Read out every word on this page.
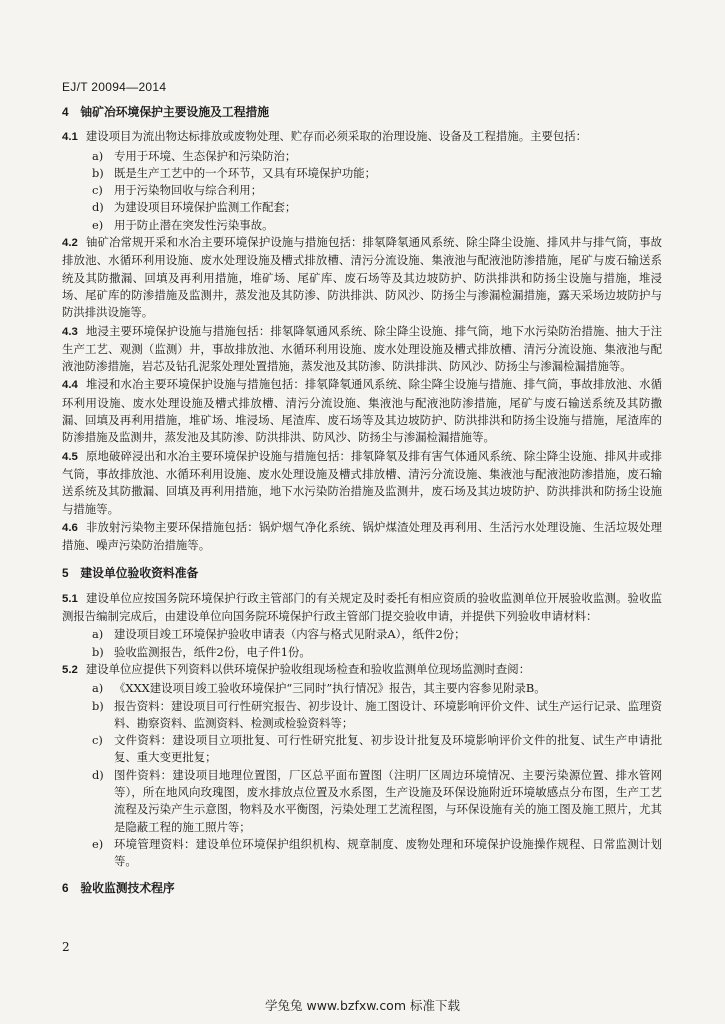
EJ/T 20094—2014
4　铀矿冶环境保护主要设施及工程措施

4.1 建设项目为流出物达标排放或废物处理、贮存而必须采取的治理设施、设备及工程措施。主要包括：

a) 专用于环境、生态保护和污染防治；

b) 既是生产工艺中的一个环节，又具有环境保护功能；

c) 用于污染物回收与综合利用；

d) 为建设项目环境保护监测工作配套；

e) 用于防止潜在突发性污染事故。

4.2 铀矿冶常规开采和水冶主要环境保护设施与措施包括：排氡降氡通风系统、除尘降尘设施、排风井与排气筒，事故排放池、水循环利用设施、废水处理设施及槽式排放槽、清污分流设施、集液池与配液池防渗措施，尾矿与废石输送系统及其防撒漏、回填及再利用措施，堆矿场、尾矿库、废石场等及其边坡防护、防洪排洪和防扬尘设施与措施，堆浸场、尾矿库的防渗措施及监测井，蒸发池及其防渗、防洪排洪、防风沙、防扬尘与渗漏检漏措施，露天采场边坡防护与防洪排洪设施等。

4.3 地浸主要环境保护设施与措施包括：排氡降氡通风系统、除尘降尘设施、排气筒，地下水污染防治措施、抽大于注生产工艺、观测（监测）井，事故排放池、水循环利用设施、废水处理设施及槽式排放槽、清污分流设施、集液池与配液池防渗措施，岩芯及钻孔泥浆处理处置措施，蒸发池及其防渗、防洪排洪、防风沙、防扬尘与渗漏检漏措施等。

4.4 堆浸和水冶主要环境保护设施与措施包括：排氡降氡通风系统、除尘降尘设施与措施、排气筒，事故排放池、水循环利用设施、废水处理设施及槽式排放槽、清污分流设施、集液池与配液池防渗措施，尾矿与废石输送系统及其防撒漏、回填及再利用措施，堆矿场、堆浸场、尾渣库、废石场等及其边坡防护、防洪排洪和防扬尘设施与措施，尾渣库的防渗措施及监测井，蒸发池及其防渗、防洪排洪、防风沙、防扬尘与渗漏检漏措施等。

4.5 原地破碎浸出和水冶主要环境保护设施与措施包括：排氡降氡及排有害气体通风系统、除尘降尘设施、排风井或排气筒，事故排放池、水循环利用设施、废水处理设施及槽式排放槽、清污分流设施、集液池与配液池防渗措施，废石输送系统及其防撒漏、回填及再利用措施，地下水污染防治措施及监测井，废石场及其边坡防护、防洪排洪和防扬尘设施与措施等。

4.6 非放射污染物主要环保措施包括：锅炉烟气净化系统、锅炉煤渣处理及再利用、生活污水处理设施、生活垃圾处理措施、噪声污染防治措施等。

5　建设单位验收资料准备

5.1 建设单位应按国务院环境保护行政主管部门的有关规定及时委托有相应资质的验收监测单位开展验收监测。验收监测报告编制完成后，由建设单位向国务院环境保护行政主管部门提交验收申请，并提供下列验收申请材料：

a) 建设项目竣工环境保护验收申请表（内容与格式见附录A），纸件2份；

b) 验收监测报告，纸件2份，电子件1份。

5.2 建设单位应提供下列资料以供环境保护验收组现场检查和验收监测单位现场监测时查阅：

a) 《XXX建设项目竣工验收环境保护“三同时”执行情况》报告，其主要内容参见附录B。

b) 报告资料：建设项目可行性研究报告、初步设计、施工图设计、环境影响评价文件、试生产运行记录、监理资料、勘察资料、监测资料、检测或检验资料等；

c) 文件资料：建设项目立项批复、可行性研究批复、初步设计批复及环境影响评价文件的批复、试生产申请批复、重大变更批复；

d) 图件资料：建设项目地理位置图，厂区总平面布置图（注明厂区周边环境情况、主要污染源位置、排水管网等），所在地风向玫瑰图，废水排放点位置及水系图，生产设施及环保设施附近环境敏感点分布图，生产工艺流程及污染产生示意图，物料及水平衡图，污染处理工艺流程图，与环保设施有关的施工图及施工照片，尤其是隐蔽工程的施工照片等；

e) 环境管理资料：建设单位环境保护组织机构、规章制度、废物处理和环境保护设施操作规程、日常监测计划等。

6　验收监测技术程序
2
学兔兔 www.bzfxw.com 标准下载
